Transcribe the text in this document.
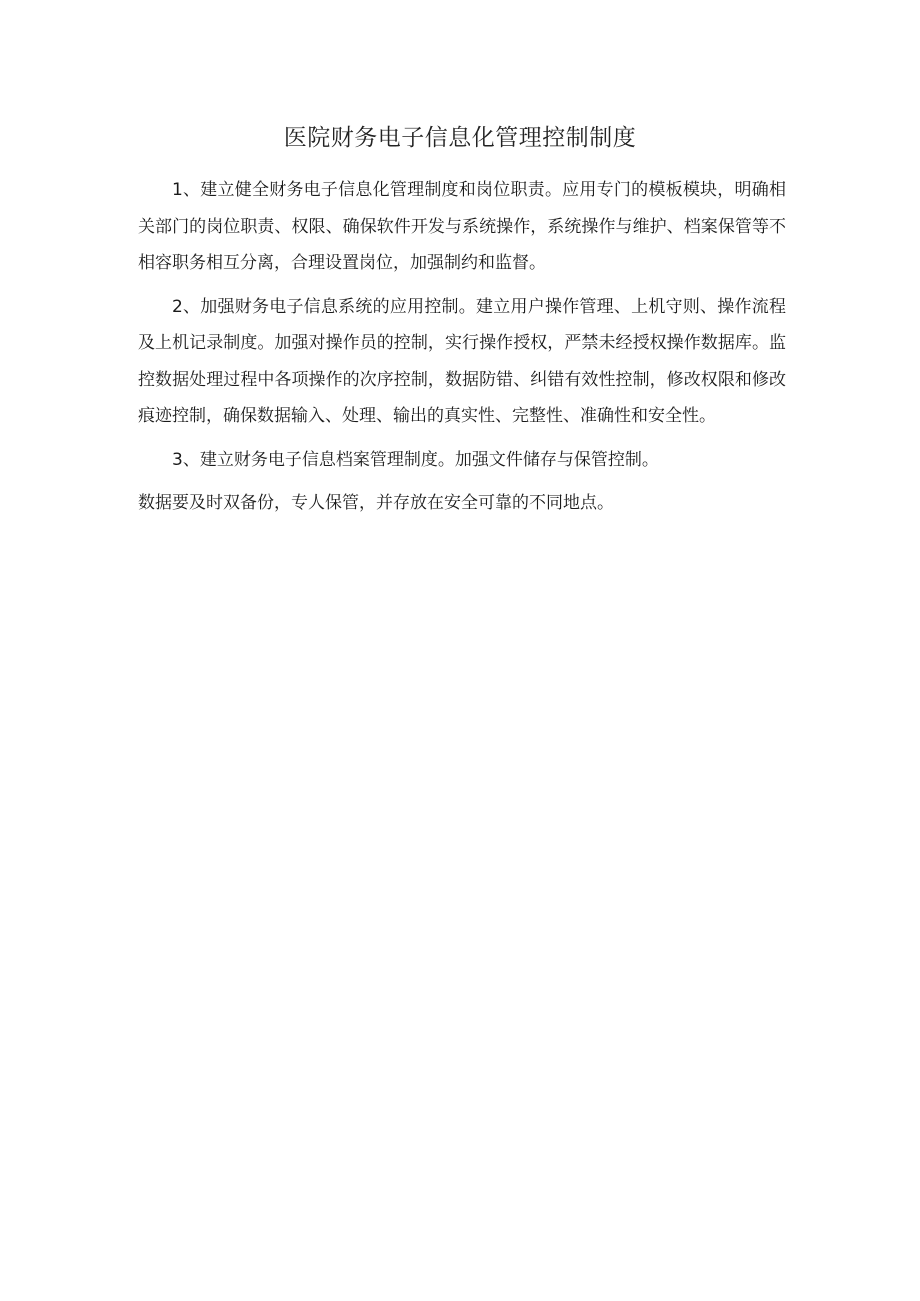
医院财务电子信息化管理控制制度

1、建立健全财务电子信息化管理制度和岗位职责。应用专门的模板模块，明确相关部门的岗位职责、权限、确保软件开发与系统操作，系统操作与维护、档案保管等不相容职务相互分离，合理设置岗位，加强制约和监督。

2、加强财务电子信息系统的应用控制。建立用户操作管理、上机守则、操作流程及上机记录制度。加强对操作员的控制，实行操作授权，严禁未经授权操作数据库。监控数据处理过程中各项操作的次序控制，数据防错、纠错有效性控制，修改权限和修改痕迹控制，确保数据输入、处理、输出的真实性、完整性、准确性和安全性。

3、建立财务电子信息档案管理制度。加强文件储存与保管控制。

数据要及时双备份，专人保管，并存放在安全可靠的不同地点。
